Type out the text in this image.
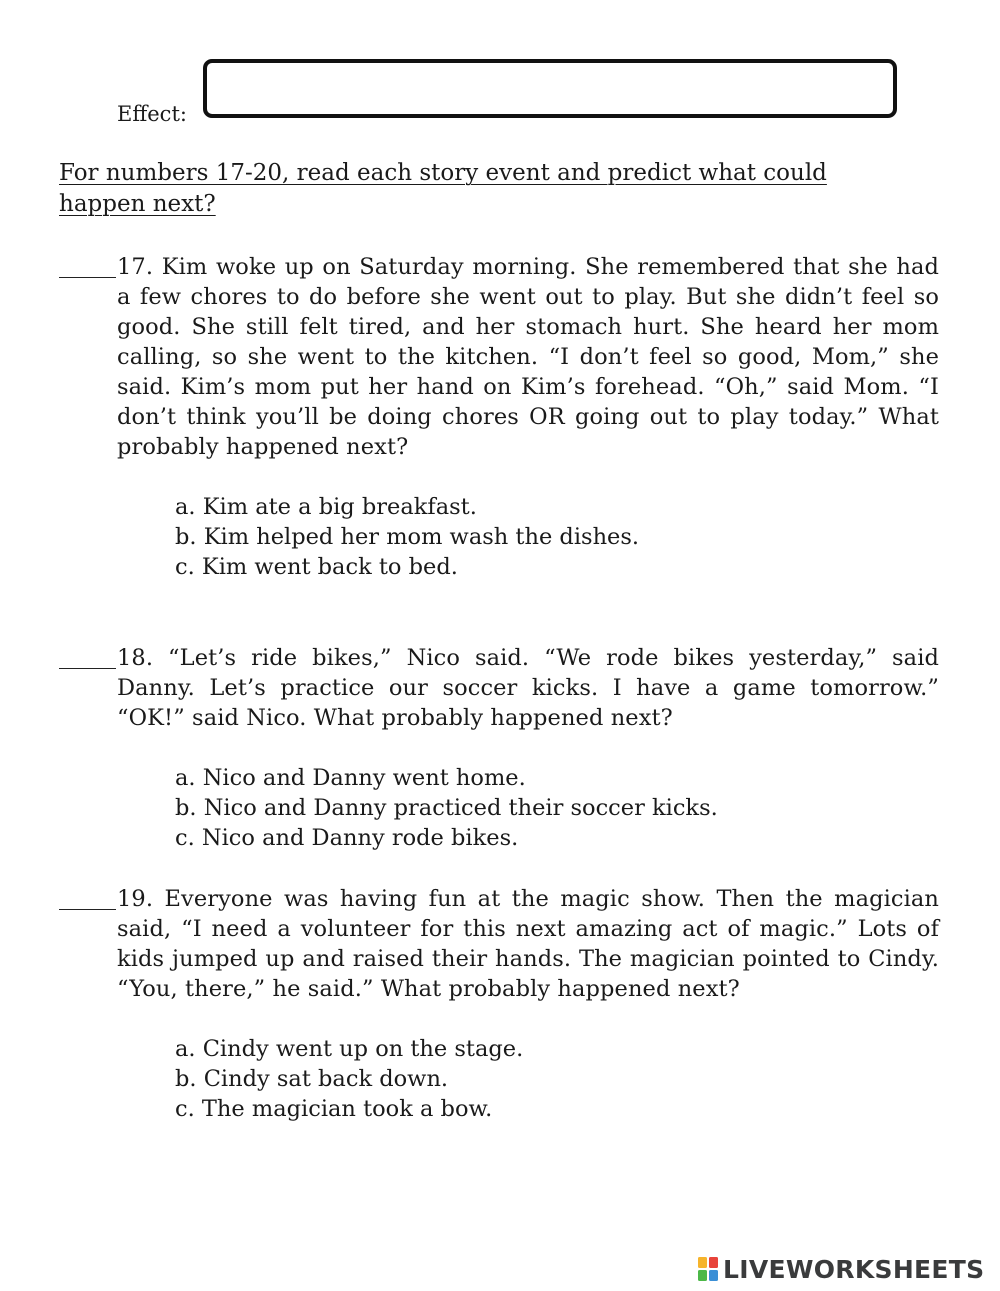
Effect:

For numbers 17-20, read each story event and predict what could happen next?

17. Kim woke up on Saturday morning. She remembered that she had a few chores to do before she went out to play. But she didn’t feel so good. She still felt tired, and her stomach hurt. She heard her mom calling, so she went to the kitchen. “I don’t feel so good, Mom,” she said. Kim’s mom put her hand on Kim’s forehead. “Oh,” said Mom. “I don’t think you’ll be doing chores OR going out to play today.” What probably happened next?

a. Kim ate a big breakfast.
b. Kim helped her mom wash the dishes.
c. Kim went back to bed.

18. “Let’s ride bikes,” Nico said. “We rode bikes yesterday,” said Danny. Let’s practice our soccer kicks. I have a game tomorrow.” “OK!” said Nico. What probably happened next?

a. Nico and Danny went home.
b. Nico and Danny practiced their soccer kicks.
c. Nico and Danny rode bikes.

19. Everyone was having fun at the magic show. Then the magician said, “I need a volunteer for this next amazing act of magic.” Lots of kids jumped up and raised their hands. The magician pointed to Cindy. “You, there,” he said.” What probably happened next?

a. Cindy went up on the stage.
b. Cindy sat back down.
c. The magician took a bow.
LIVEWORKSHEETS
